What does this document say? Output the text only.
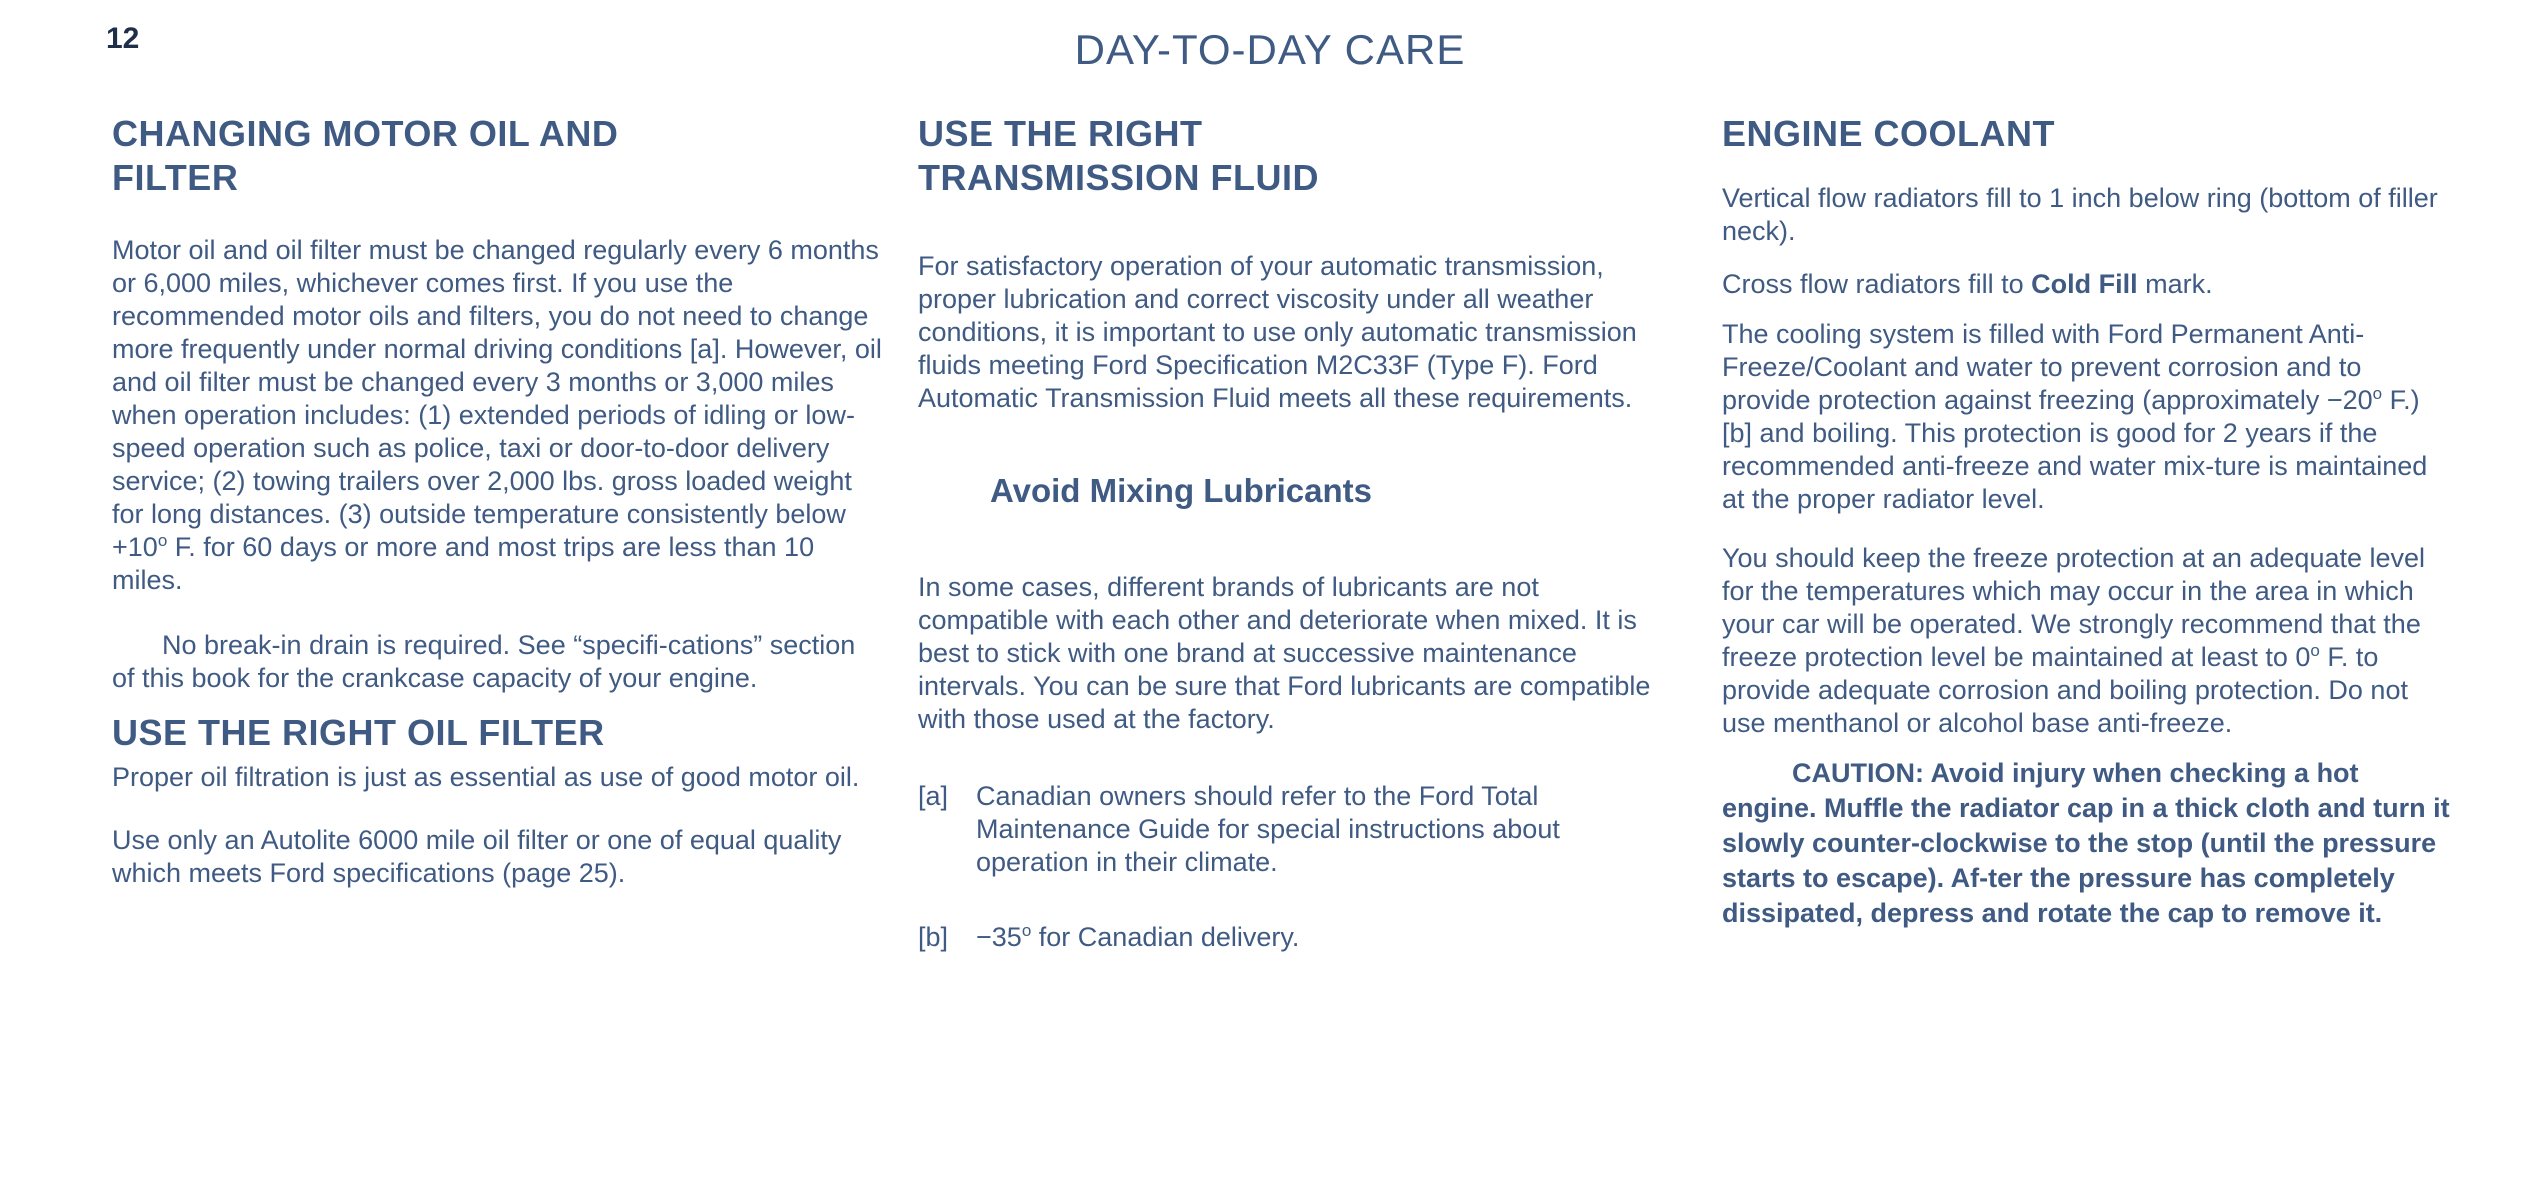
12	DAY-TO-DAY CARE
CHANGING MOTOR OIL AND FILTER

Motor oil and oil filter must be changed regularly every 6 months or 6,000 miles, whichever comes first. If you use the recommended motor oils and filters, you do not need to change more frequently under normal driving conditions [a]. However, oil and oil filter must be changed every 3 months or 3,000 miles when operation includes: (1) extended periods of idling or low-speed operation such as police, taxi or door-to-door delivery service; (2) towing trailers over 2,000 lbs. gross loaded weight for long distances. (3) outside temperature consistently below $+10^o$ F. for 60 days or more and most trips are less than 10 miles.

No break-in drain is required. See “specifi-cations” section of this book for the crankcase capacity of your engine.

USE THE RIGHT OIL FILTER

Proper oil filtration is just as essential as use of good motor oil.

Use only an Autolite 6000 mile oil filter or one of equal quality which meets Ford specifications (page 25).

USE THE RIGHT TRANSMISSION FLUID

For satisfactory operation of your automatic transmission, proper lubrication and correct viscosity under all weather conditions, it is important to use only automatic transmission fluids meeting Ford Specification M2C33F (Type F). Ford Automatic Transmission Fluid meets all these requirements.

Avoid Mixing Lubricants

In some cases, different brands of lubricants are not compatible with each other and deteriorate when mixed. It is best to stick with one brand at successive maintenance intervals. You can be sure that Ford lubricants are compatible with those used at the factory.

[a]	Canadian owners should refer to the Ford Total Maintenance Guide for special instructions about operation in their climate.
[b]	$-35^o$ for Canadian delivery.
ENGINE COOLANT

Vertical flow radiators fill to 1 inch below ring (bottom of filler neck).

Cross flow radiators fill to Cold Fill mark.

The cooling system is filled with Ford Permanent Anti-Freeze/Coolant and water to prevent corrosion and to provide protection against freezing (approximately $-20^o$ F.) [b] and boiling. This protection is good for 2 years if the recommended anti-freeze and water mix-ture is maintained at the proper radiator level.

You should keep the freeze protection at an adequate level for the temperatures which may occur in the area in which your car will be operated. We strongly recommend that the freeze protection level be maintained at least to 0$^o$ F. to provide adequate corrosion and boiling protection. Do not use menthanol or alcohol base anti-freeze.

CAUTION: Avoid injury when checking a hot engine. Muffle the radiator cap in a thick cloth and turn it slowly counter-clockwise to the stop (until the pressure starts to escape). Af-ter the pressure has completely dissipated, depress and rotate the cap to remove it.
